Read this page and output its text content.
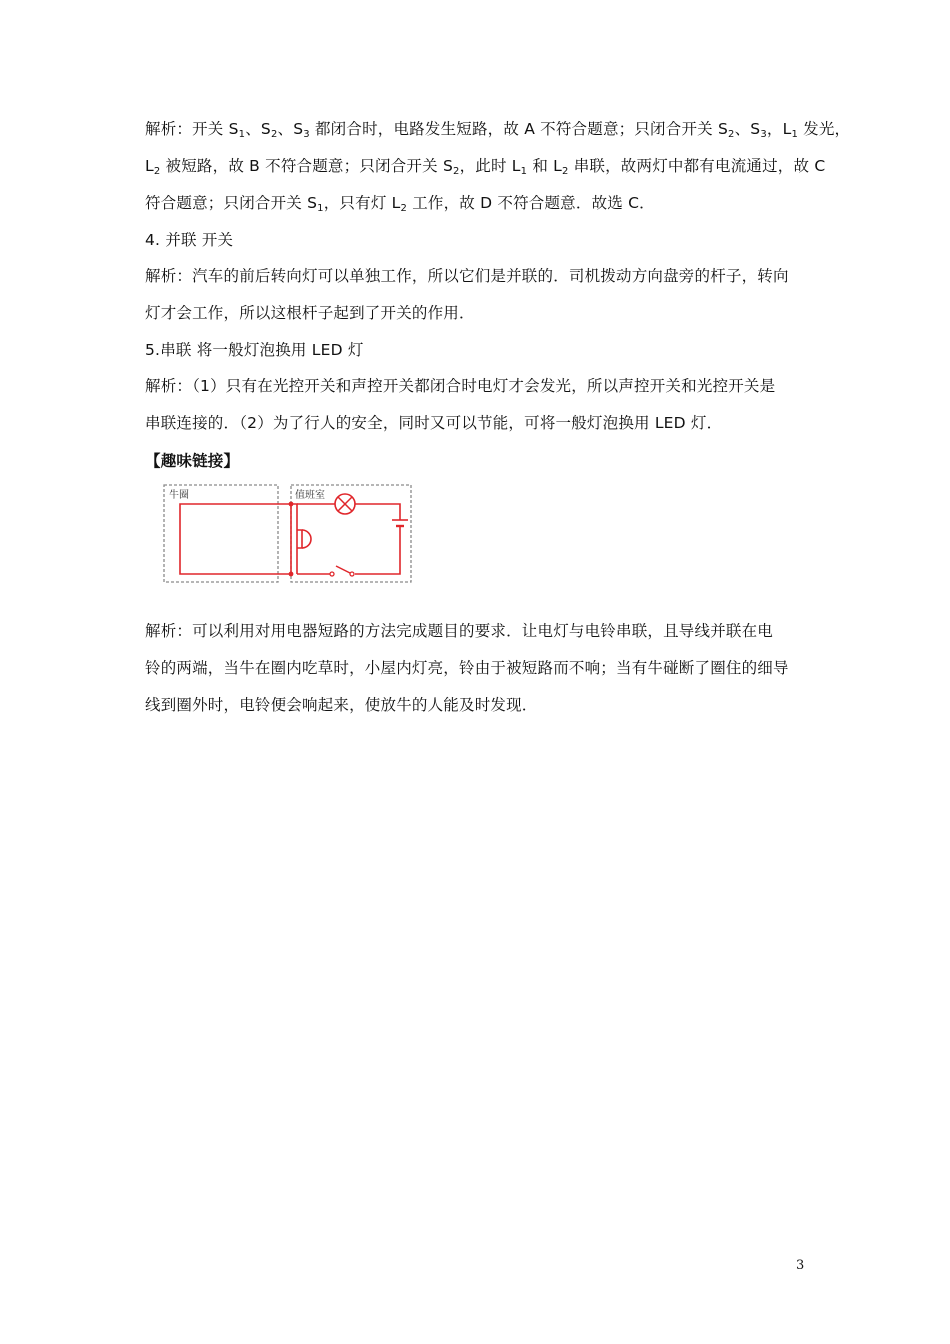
解析：开关 $S_1$、$S_2$、$S_3$ 都闭合时，电路发生短路，故 A 不符合题意；只闭合开关 $S_2$、$S_3$，$L_1$ 发光，
$L_2$ 被短路，故 B 不符合题意；只闭合开关 $S_2$，此时 $L_1$ 和 $L_2$ 串联，故两灯中都有电流通过，故 C
符合题意；只闭合开关 $S_1$，只有灯 $L_2$ 工作，故 D 不符合题意．故选 C．
4. 并联 开关
解析：汽车的前后转向灯可以单独工作，所以它们是并联的．司机拨动方向盘旁的杆子，转向
灯才会工作，所以这根杆子起到了开关的作用．
5.串联 将一般灯泡换用 LED 灯
解析：（1）只有在光控开关和声控开关都闭合时电灯才会发光，所以声控开关和光控开关是
串联连接的．（2）为了行人的安全，同时又可以节能，可将一般灯泡换用 LED 灯．
【趣味链接】
牛圈	值班室
解析：可以利用对用电器短路的方法完成题目的要求．让电灯与电铃串联，且导线并联在电
铃的两端，当牛在圈内吃草时，小屋内灯亮，铃由于被短路而不响；当有牛碰断了圈住的细导
线到圈外时，电铃便会响起来，使放牛的人能及时发现．
3
